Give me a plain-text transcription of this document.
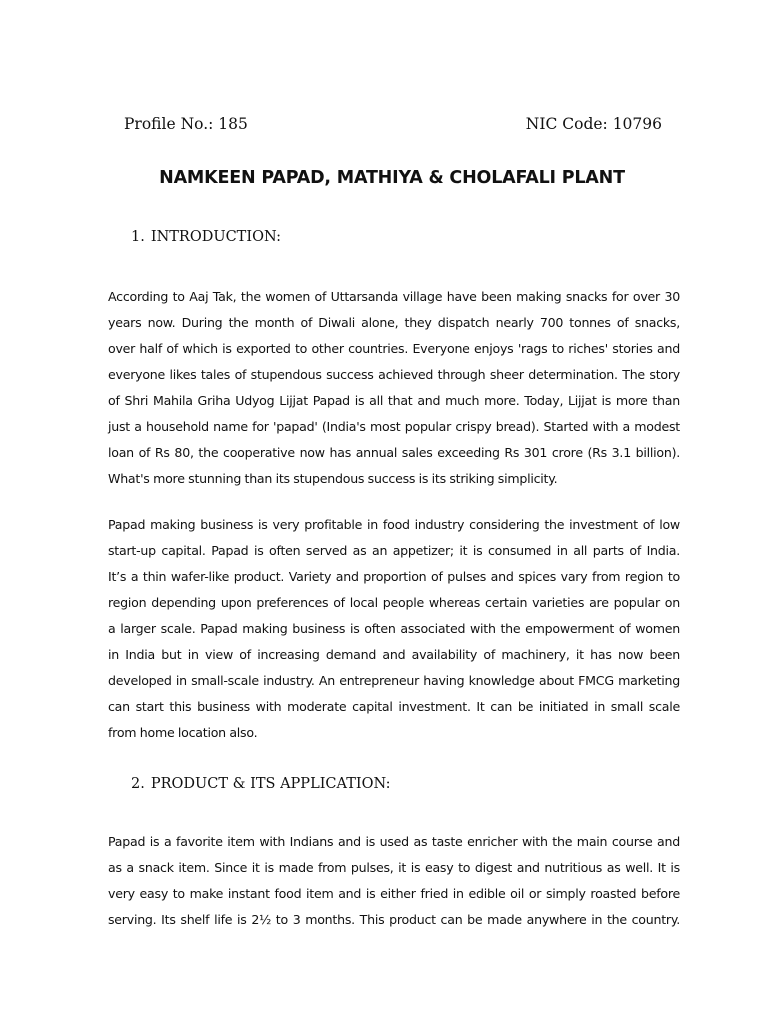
Profile No.: 185	NIC Code: 10796
NAMKEEN PAPAD, MATHIYA & CHOLAFALI PLANT
1. INTRODUCTION:
According to Aaj Tak, the women of Uttarsanda village have been making snacks for over 30
years now. During the month of Diwali alone, they dispatch nearly 700 tonnes of snacks,
over half of which is exported to other countries. Everyone enjoys 'rags to riches' stories and
everyone likes tales of stupendous success achieved through sheer determination. The story
of Shri Mahila Griha Udyog Lijjat Papad is all that and much more. Today, Lijjat is more than
just a household name for 'papad' (India's most popular crispy bread). Started with a modest
loan of Rs 80, the cooperative now has annual sales exceeding Rs 301 crore (Rs 3.1 billion).
What's more stunning than its stupendous success is its striking simplicity.
Papad making business is very profitable in food industry considering the investment of low
start-up capital. Papad is often served as an appetizer; it is consumed in all parts of India.
It’s a thin wafer-like product. Variety and proportion of pulses and spices vary from region to
region depending upon preferences of local people whereas certain varieties are popular on
a larger scale. Papad making business is often associated with the empowerment of women
in India but in view of increasing demand and availability of machinery, it has now been
developed in small-scale industry. An entrepreneur having knowledge about FMCG marketing
can start this business with moderate capital investment. It can be initiated in small scale
from home location also.
2. PRODUCT & ITS APPLICATION:
Papad is a favorite item with Indians and is used as taste enricher with the main course and
as a snack item. Since it is made from pulses, it is easy to digest and nutritious as well. It is
very easy to make instant food item and is either fried in edible oil or simply roasted before
serving. Its shelf life is 2½ to 3 months. This product can be made anywhere in the country.
